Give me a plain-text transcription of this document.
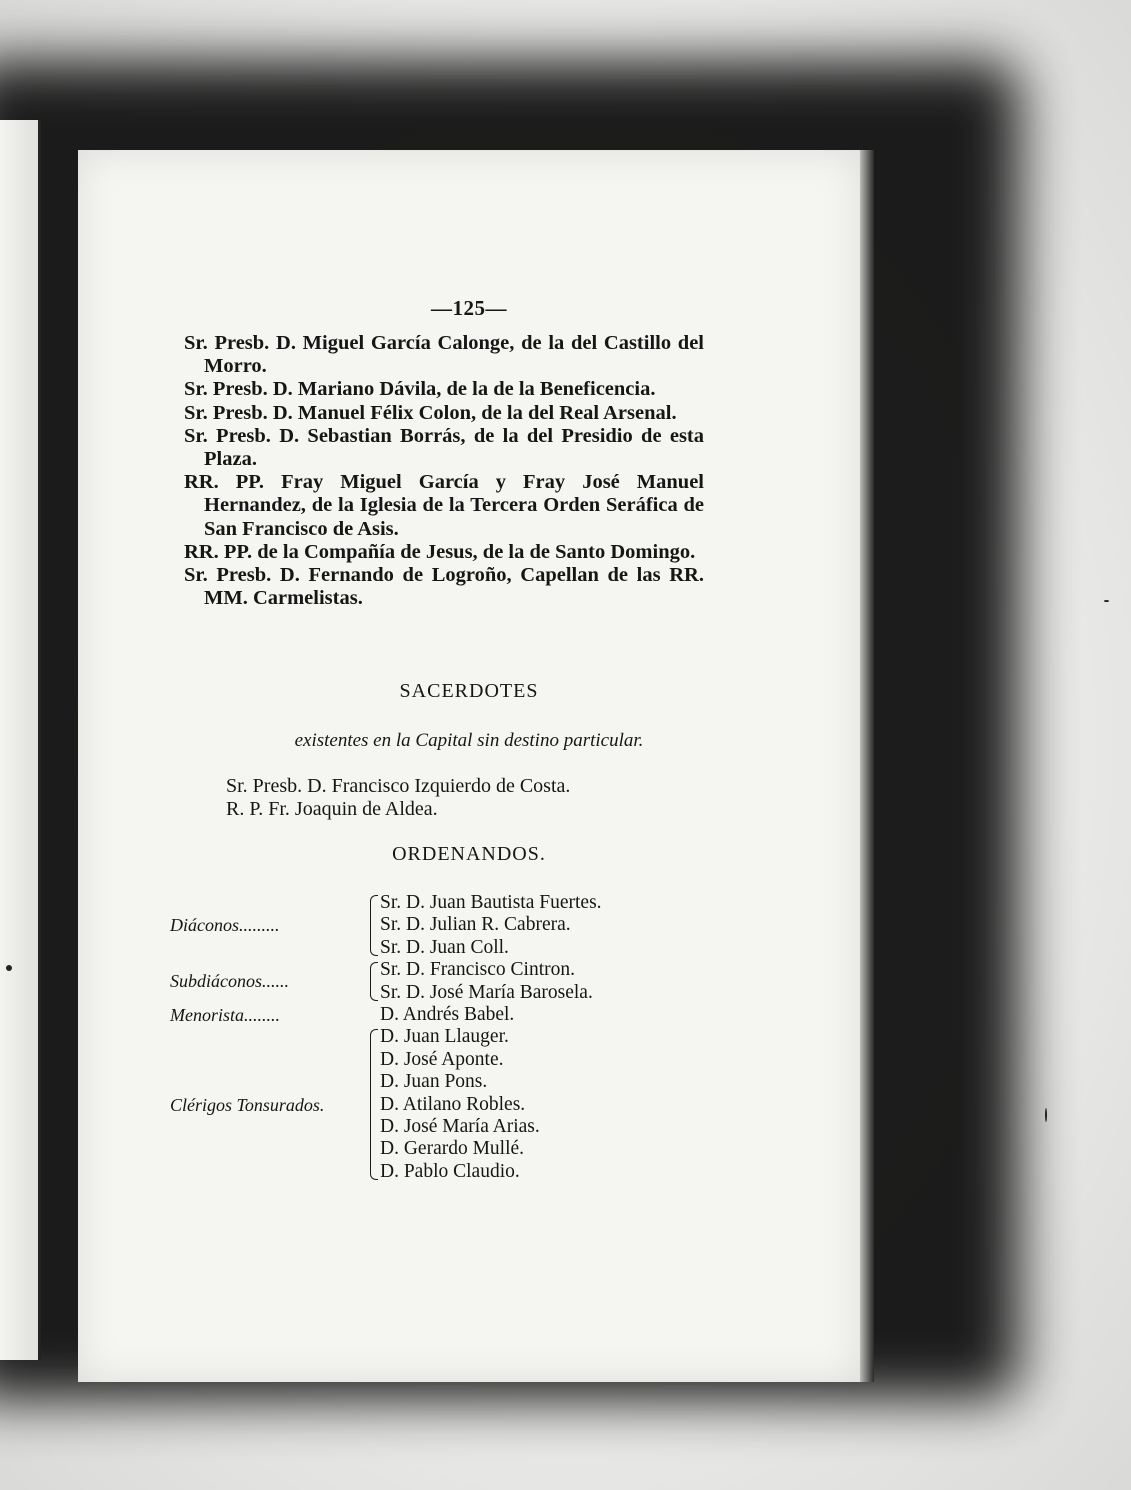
—125—

Sr. Presb. D. Miguel García Calonge, de la del Castillo del Morro.

Sr. Presb. D. Mariano Dávila, de la de la Beneficencia.

Sr. Presb. D. Manuel Félix Colon, de la del Real Arsenal.

Sr. Presb. D. Sebastian Borrás, de la del Presidio de esta Plaza.

RR. PP. Fray Miguel García y Fray José Manuel Hernandez, de la Iglesia de la Tercera Orden Seráfica de San Francisco de Asis.

RR. PP. de la Compañía de Jesus, de la de Santo Domingo.

Sr. Presb. D. Fernando de Logroño, Capellan de las RR. MM. Carmelistas.

SACERDOTES
existentes en la Capital sin destino particular.
Sr. Presb. D. Francisco Izquierdo de Costa.
R. P. Fr. Joaquin de Aldea.
ORDENANDOS.
Diáconos.........
Sr. D. Juan Bautista Fuertes.
Sr. D. Julian R. Cabrera.
Sr. D. Juan Coll.
Subdiáconos......
Sr. D. Francisco Cintron.
Sr. D. José María Barosela.
Menorista........	D. Andrés Babel.
Clérigos Tonsurados.
D. Juan Llauger.
D. José Aponte.
D. Juan Pons.
D. Atilano Robles.
D. José María Arias.
D. Gerardo Mullé.
D. Pablo Claudio.
